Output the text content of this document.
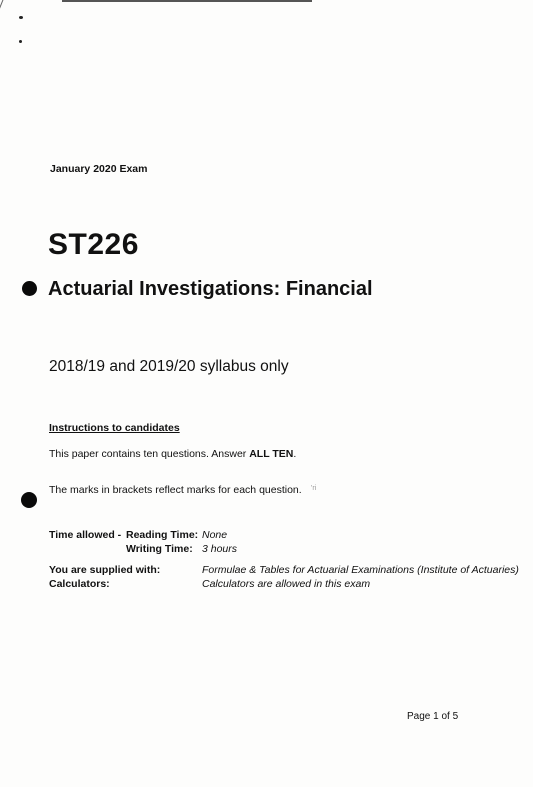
January 2020 Exam
ST226
Actuarial Investigations: Financial
2018/19 and 2019/20 syllabus only
Instructions to candidates
This paper contains ten questions. Answer ALL TEN.
The marks in brackets reflect marks for each question. 'ri
Time allowed - Reading Time: None
Writing Time: 3 hours
You are supplied with:	Formulae & Tables for Actuarial Examinations (Institute of Actuaries)
Calculators:	Calculators are allowed in this exam
Page 1 of 5
